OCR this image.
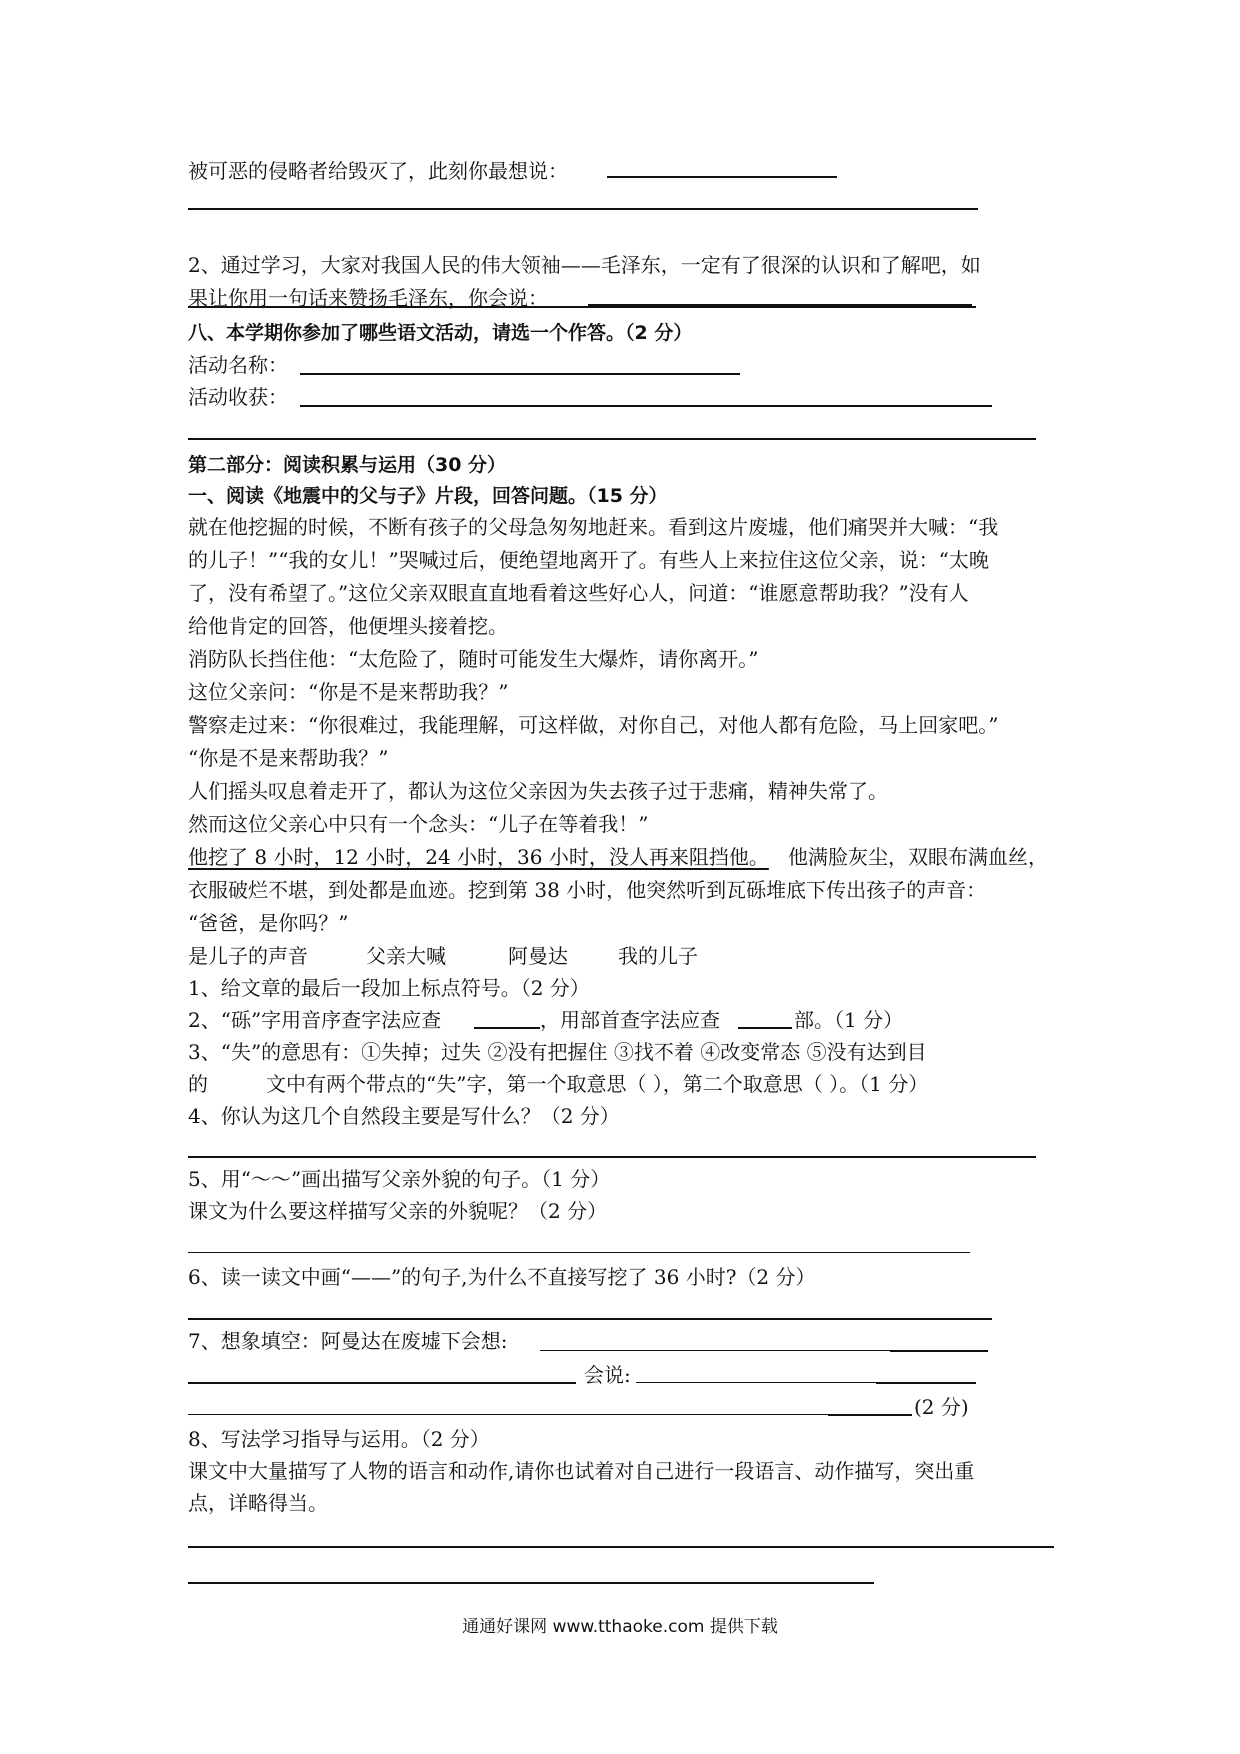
被可恶的侵略者给毁灭了，此刻你最想说：
2、通过学习，大家对我国人民的伟大领袖——毛泽东，一定有了很深的认识和了解吧，如
果让你用一句话来赞扬毛泽东，你会说：
八、本学期你参加了哪些语文活动，请选一个作答。（2 分）
活动名称：
活动收获：
第二部分：阅读积累与运用（30 分）
一、阅读《地震中的父与子》片段，回答问题。（15 分）
就在他挖掘的时候，不断有孩子的父母急匆匆地赶来。看到这片废墟，他们痛哭并大喊：“我
的儿子！”“我的女儿！”哭喊过后，便绝望地离开了。有些人上来拉住这位父亲，说：“太晚
了，没有希望了。”这位父亲双眼直直地看着这些好心人，问道：“谁愿意帮助我？”没有人
给他肯定的回答，他便埋头接着挖。
消防队长挡住他：“太危险了，随时可能发生大爆炸，请你离开。”
这位父亲问：“你是不是来帮助我？”
警察走过来：“你很难过，我能理解，可这样做，对你自己，对他人都有危险，马上回家吧。”
“你是不是来帮助我？”
人们摇头叹息着走开了，都认为这位父亲因为失去孩子过于悲痛，精神失常了。
然而这位父亲心中只有一个念头：“儿子在等着我！”
他挖了 8 小时，12 小时，24 小时，36 小时，没人再来阻挡他。 他满脸灰尘，双眼布满血丝，
衣服破烂不堪，到处都是血迹。挖到第 38 小时，他突然听到瓦砾堆底下传出孩子的声音：
“爸爸，是你吗？”
是儿子的声音	父亲大喊	阿曼达	我的儿子
1、给文章的最后一段加上标点符号。（2 分）
2、“砾”字用音序查字法应查	，用部首查字法应查	部。（1 分）
3、“失”的意思有：①失掉；过失 ②没有把握住 ③找不着 ④改变常态 ⑤没有达到目
的	文中有两个带点的“失”字，第一个取意思（ ），第二个取意思（ ）。（1 分）
4、你认为这几个自然段主要是写什么？（2 分）
5、用“～～”画出描写父亲外貌的句子。（1 分）
课文为什么要这样描写父亲的外貌呢？（2 分）
6、读一读文中画“——”的句子,为什么不直接写挖了 36 小时?（2 分）
7、想象填空：阿曼达在废墟下会想:
会说:
(2 分)
8、写法学习指导与运用。（2 分）
课文中大量描写了人物的语言和动作,请你也试着对自己进行一段语言、动作描写，突出重
点，详略得当。
通通好课网 www.tthaoke.com 提供下载
